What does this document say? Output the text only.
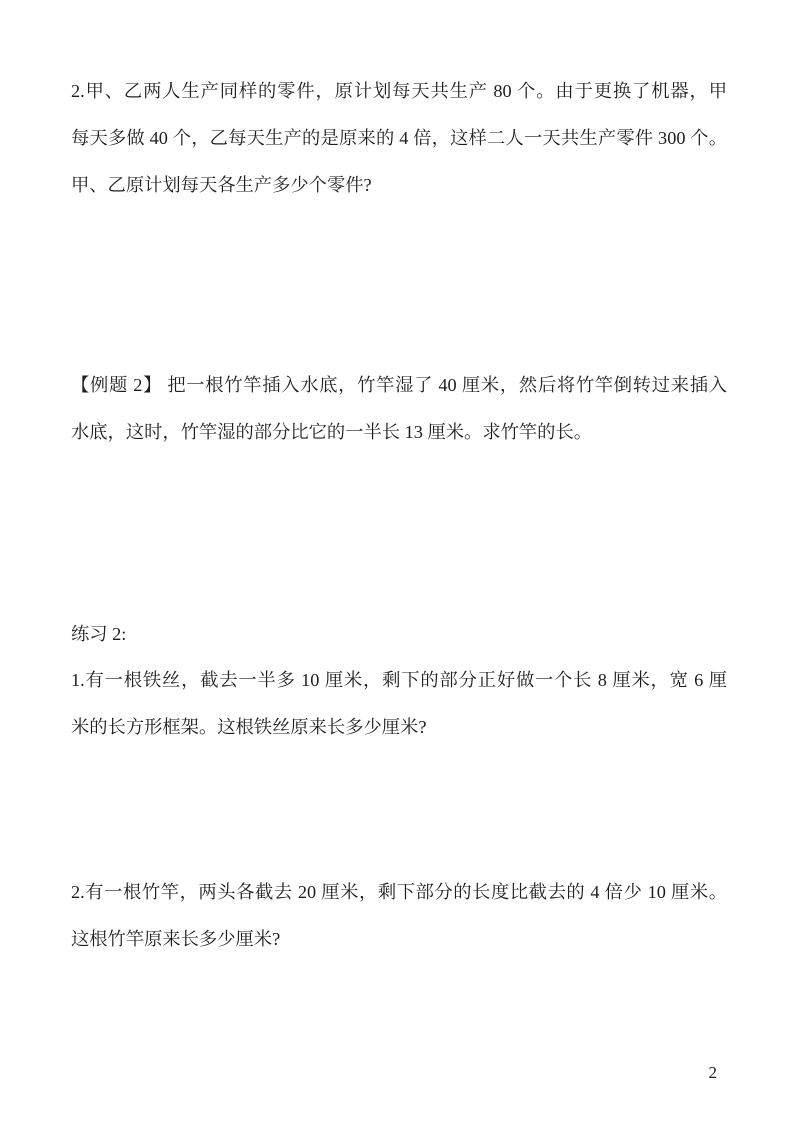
2.甲、乙两人生产同样的零件，原计划每天共生产 80 个。由于更换了机器，甲
每天多做 40 个，乙每天生产的是原来的 4 倍，这样二人一天共生产零件 300 个。
甲、乙原计划每天各生产多少个零件?
【例题 2】 把一根竹竿插入水底，竹竿湿了 40 厘米，然后将竹竿倒转过来插入
水底，这时，竹竿湿的部分比它的一半长 13 厘米。求竹竿的长。
练习 2:
1.有一根铁丝，截去一半多 10 厘米，剩下的部分正好做一个长 8 厘米，宽 6 厘
米的长方形框架。这根铁丝原来长多少厘米?
2.有一根竹竿，两头各截去 20 厘米，剩下部分的长度比截去的 4 倍少 10 厘米。
这根竹竿原来长多少厘米?
2
